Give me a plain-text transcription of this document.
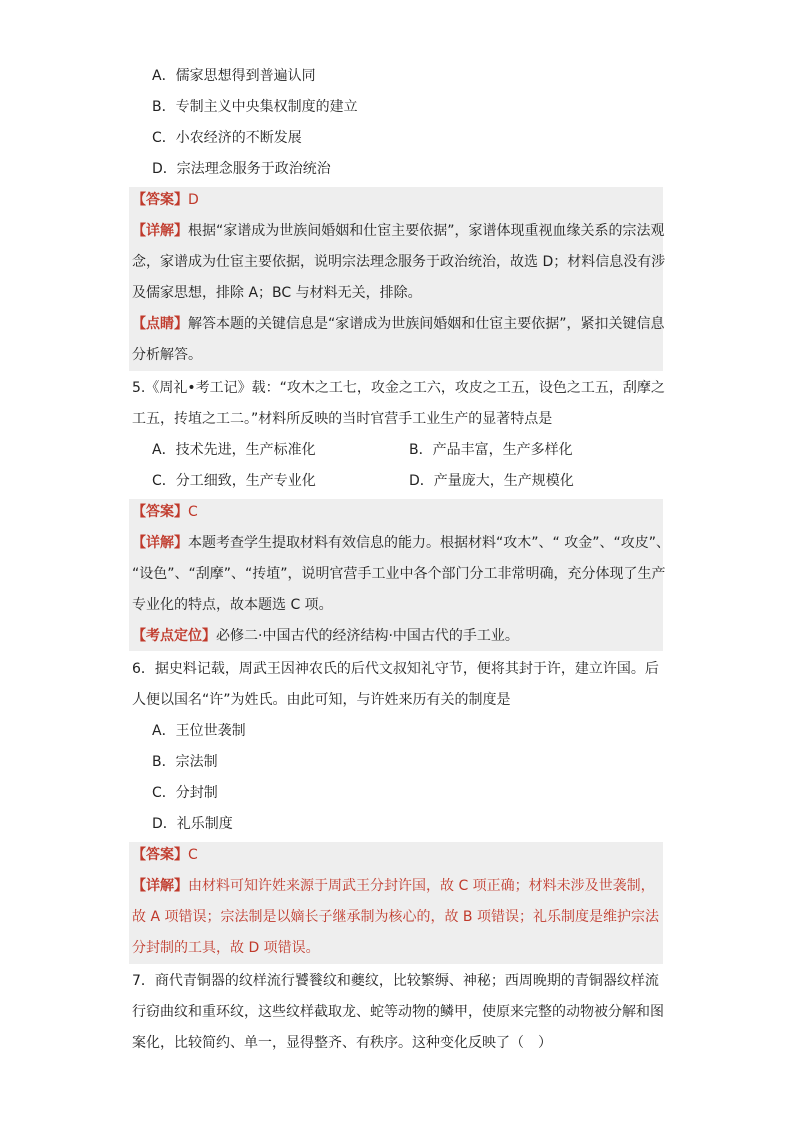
A．儒家思想得到普遍认同
B．专制主义中央集权制度的建立
C．小农经济的不断发展
D．宗法理念服务于政治统治
【答案】D
【详解】根据“家谱成为世族间婚姻和仕宦主要依据”，家谱体现重视血缘关系的宗法观
念，家谱成为仕宦主要依据，说明宗法理念服务于政治统治，故选 D；材料信息没有涉
及儒家思想，排除 A；BC 与材料无关，排除。
【点睛】解答本题的关键信息是“家谱成为世族间婚姻和仕宦主要依据”，紧扣关键信息
分析解答。
5.《周礼•考工记》载：“攻木之工七，攻金之工六，攻皮之工五，设色之工五，刮摩之
工五，抟埴之工二。”材料所反映的当时官营手工业生产的显著特点是
A．技术先进，生产标准化	B．产品丰富，生产多样化
C．分工细致，生产专业化	D．产量庞大，生产规模化
【答案】C
【详解】本题考查学生提取材料有效信息的能力。根据材料“攻木”、“ 攻金”、“攻皮”、
“设色”、“刮摩”、“抟埴”，说明官营手工业中各个部门分工非常明确，充分体现了生产
专业化的特点，故本题选 C 项。
【考点定位】必修二·中国古代的经济结构·中国古代的手工业。
6．据史料记载，周武王因神农氏的后代文叔知礼守节，便将其封于许，建立许国。后
人便以国名“许”为姓氏。由此可知，与许姓来历有关的制度是
A．王位世袭制
B．宗法制
C．分封制
D．礼乐制度
【答案】C
【详解】由材料可知许姓来源于周武王分封许国，故 C 项正确；材料未涉及世袭制，
故 A 项错误；宗法制是以嫡长子继承制为核心的，故 B 项错误；礼乐制度是维护宗法
分封制的工具，故 D 项错误。
7．商代青铜器的纹样流行饕餮纹和夔纹，比较繁缛、神秘；西周晚期的青铜器纹样流
行窃曲纹和重环纹，这些纹样截取龙、蛇等动物的鳞甲，使原来完整的动物被分解和图
案化，比较简约、单一，显得整齐、有秩序。这种变化反映了（　）
